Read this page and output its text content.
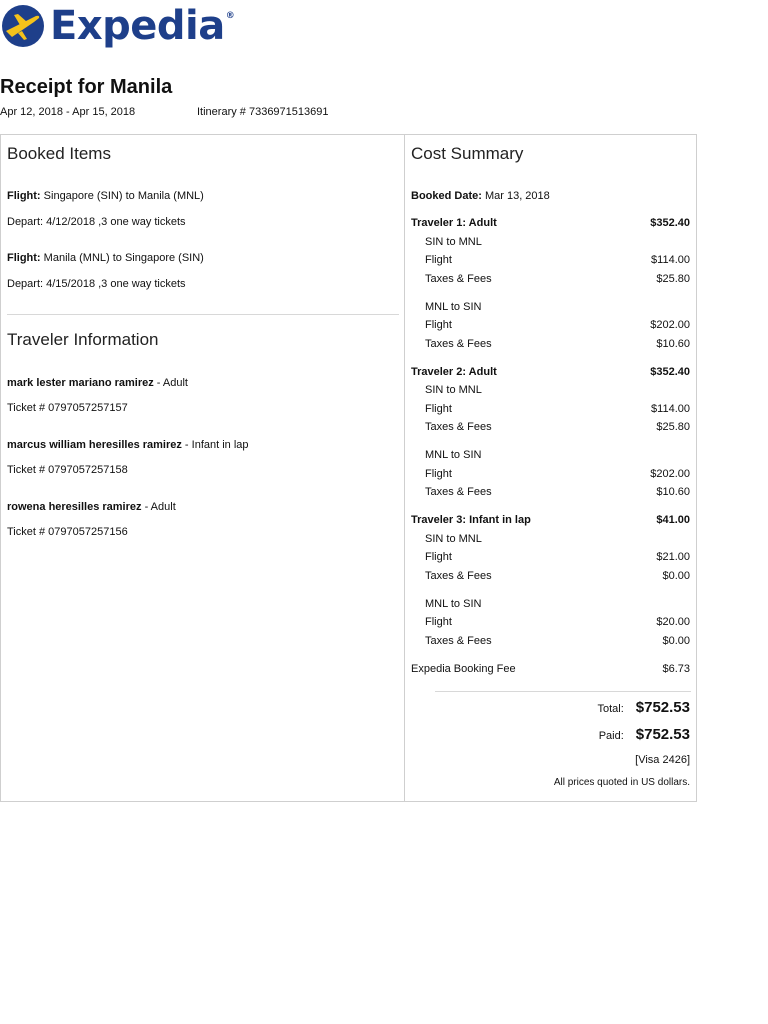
Expedia®
Receipt for Manila
Apr 12, 2018 - Apr 15, 2018	Itinerary # 7336971513691
Booked Items
Flight: Singapore (SIN) to Manila (MNL)
Depart: 4/12/2018 ,3 one way tickets
Flight: Manila (MNL) to Singapore (SIN)
Depart: 4/15/2018 ,3 one way tickets
Traveler Information
mark lester mariano ramirez - Adult
Ticket # 0797057257157
marcus william heresilles ramirez - Infant in lap
Ticket # 0797057257158
rowena heresilles ramirez - Adult
Ticket # 0797057257156
Cost Summary
Booked Date: Mar 13, 2018
Traveler 1: Adult	$352.40
SIN to MNL
Flight	$114.00
Taxes & Fees	$25.80
MNL to SIN
Flight	$202.00
Taxes & Fees	$10.60
Traveler 2: Adult	$352.40
SIN to MNL
Flight	$114.00
Taxes & Fees	$25.80
MNL to SIN
Flight	$202.00
Taxes & Fees	$10.60
Traveler 3: Infant in lap	$41.00
SIN to MNL
Flight	$21.00
Taxes & Fees	$0.00
MNL to SIN
Flight	$20.00
Taxes & Fees	$0.00
Expedia Booking Fee	$6.73
Total: $752.53
Paid: $752.53
[Visa 2426]
All prices quoted in US dollars.
